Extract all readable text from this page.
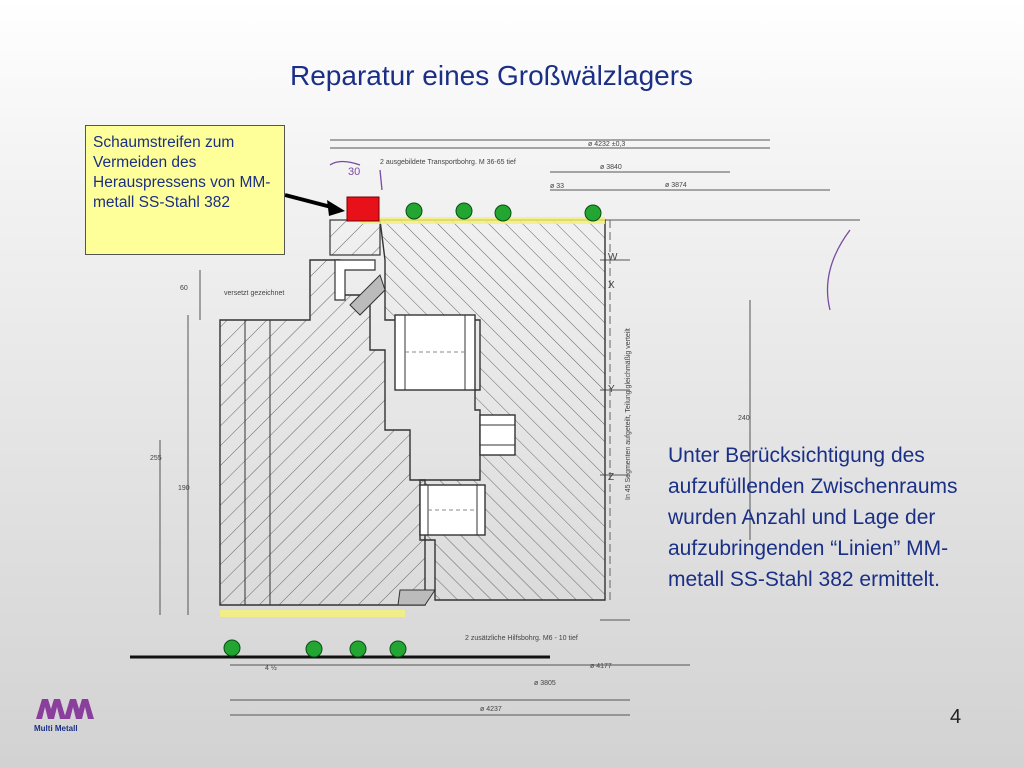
Reparatur eines Großwälzlagers
W
X
Y
Z
ø 4232 ±0,3
ø 3840
ø 3874
ø 33
30
2 ausgebildete Transportbohrg. M 36-65 tief
versetzt gezeichnet
ø 3805
ø 4177
ø 4237
4 ½
2 zusätzliche Hilfsbohrg. M6 - 10 tief
60
255
190
240
In 45 Segmenten aufgeteilt, Teilung gleichmäßig verteilt
Schaumstreifen zum Vermeiden des Herauspressens von MM-metall SS-Stahl 382
Unter Berücksichtigung des aufzufüllenden Zwischenraums wurden Anzahl und Lage der aufzubringenden “Linien” MM-metall SS-Stahl 382 ermittelt.
4
Multi Metall
